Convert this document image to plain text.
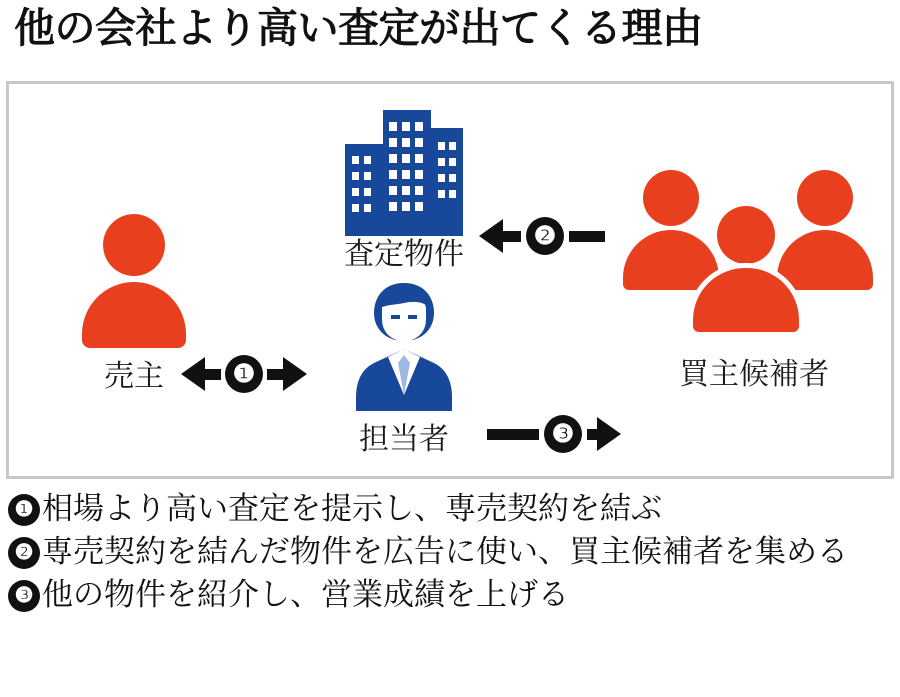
他の会社より高い査定が出てくる理由
売主
査定物件
担当者
買主候補者
❶
❷
❸
❶ 相場より高い査定を提示し、専売契約を結ぶ
❷ 専売契約を結んだ物件を広告に使い、買主候補者を集める
❸ 他の物件を紹介し、営業成績を上げる
